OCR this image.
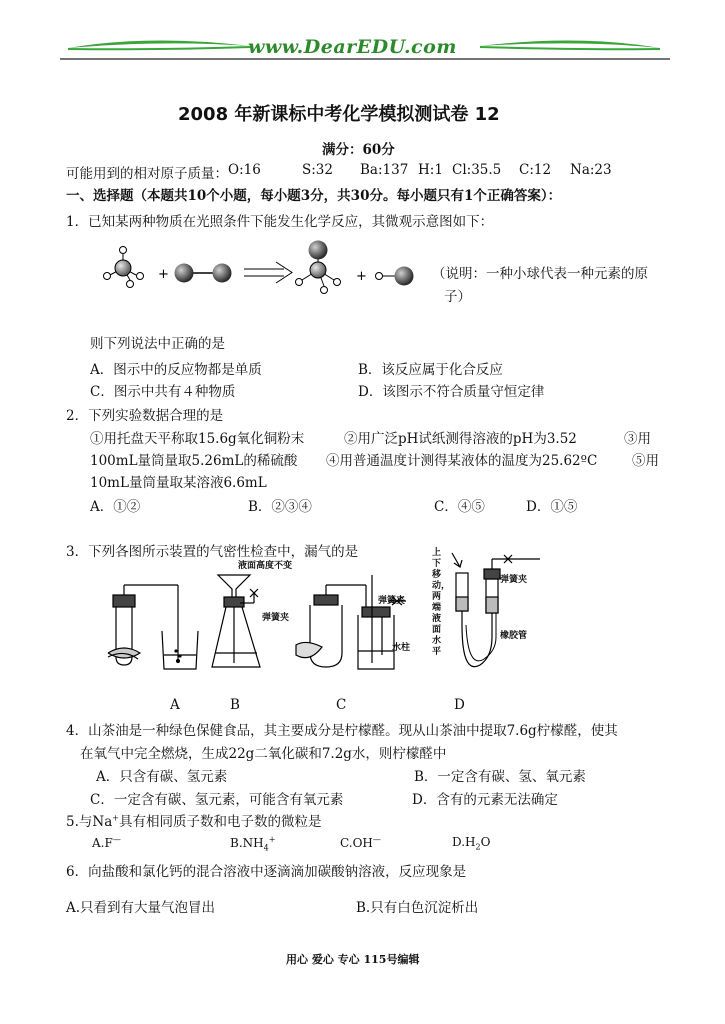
www.DearEDU.com
2008 年新课标中考化学模拟测试卷 12
满分：60分
可能用到的相对原子质量： O:16	S:32 Ba:137 H:1 Cl:35.5 C:12 Na:23
一、选择题（本题共10个小题，每小题3分，共30分。每小题只有1个正确答案）：
1．已知某两种物质在光照条件下能发生化学反应，其微观示意图如下：
+	+	（说明：一种小球代表一种元素的原
子）
则下列说法中正确的是
A．图示中的反应物都是单质	B．该反应属于化合反应
C．图示中共有４种物质	D．该图示不符合质量守恒定律
2．下列实验数据合理的是
①用托盘天平称取15.6g氧化铜粉末	②用广泛pH试纸测得溶液的pH为3.52	③用
100mL量筒量取5.26mL的稀硫酸 ④用普通温度计测得某液体的温度为25.62ºC	⑤用
10mL量筒量取某溶液6.6mL
A．①②	B．②③④	C．④⑤	D．①⑤
3．下列各图所示装置的气密性检查中，漏气的是
液面高度不变
弹簧夹
弹簧夹
水柱
上下移动，两端液面水平
弹簧夹
橡胶管
A	B	C	D
4．山茶油是一种绿色保健食品，其主要成分是柠檬醛。现从山茶油中提取7.6g柠檬醛，使其
在氧气中完全燃烧，生成22g二氧化碳和7.2g水，则柠檬醛中
A．只含有碳、氢元素	B．一定含有碳、氢、氧元素
C．一定含有碳、氢元素，可能含有氧元素	D．含有的元素无法确定
5.与Na+具有相同质子数和电子数的微粒是
A.F—	$B.NH_4^+$	C.OH—	$D.H_2O$
6．向盐酸和氯化钙的混合溶液中逐滴滴加碳酸钠溶液，反应现象是
A.只看到有大量气泡冒出	B.只有白色沉淀析出
用心 爱心 专心 115号编辑
